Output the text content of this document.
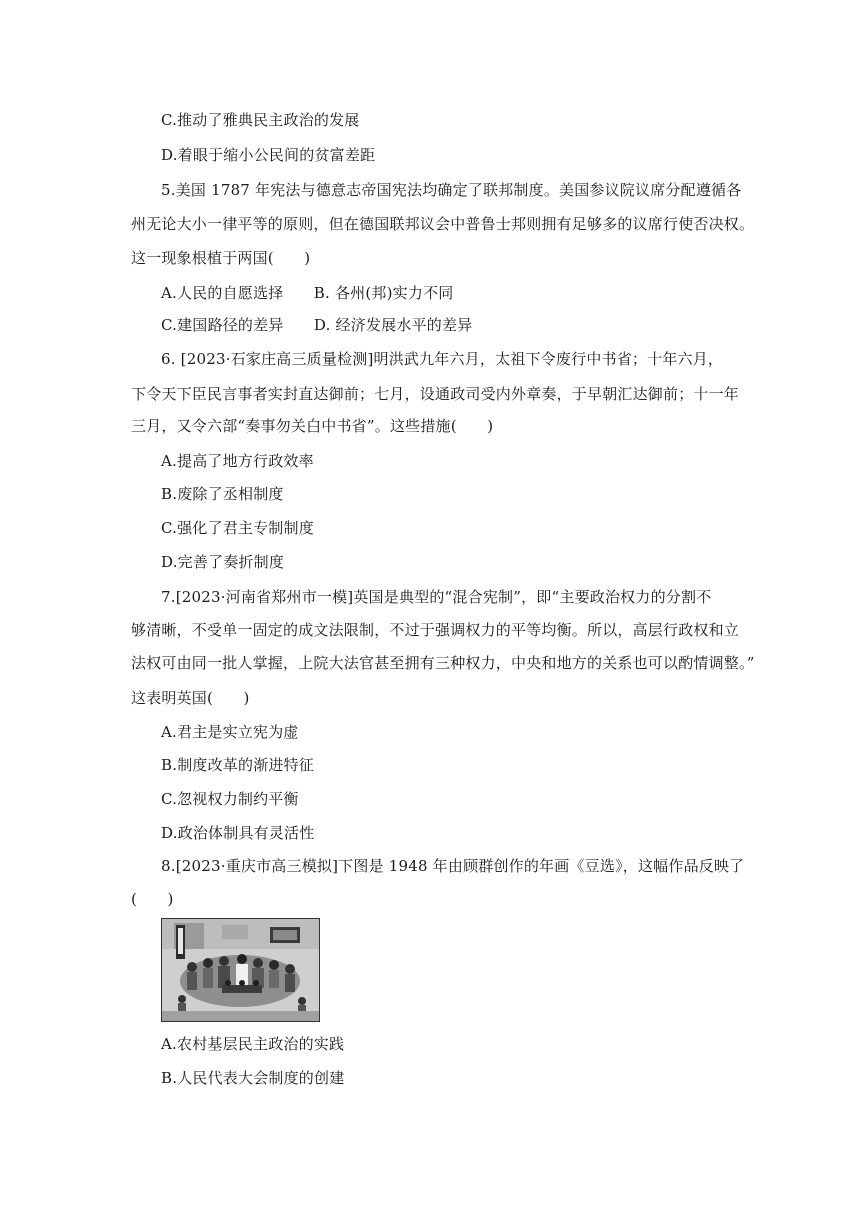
C.推动了雅典民主政治的发展
D.着眼于缩小公民间的贫富差距
5.美国 1787 年宪法与德意志帝国宪法均确定了联邦制度。美国参议院议席分配遵循各
州无论大小一律平等的原则，但在德国联邦议会中普鲁士邦则拥有足够多的议席行使否决权。
这一现象根植于两国(　　)
A.人民的自愿选择　　B. 各州(邦)实力不同
C.建国路径的差异　　D. 经济发展水平的差异
6. [2023·石家庄高三质量检测]明洪武九年六月，太祖下令废行中书省；十年六月，
下令天下臣民言事者实封直达御前；七月，设通政司受内外章奏，于早朝汇达御前；十一年
三月，又令六部“奏事勿关白中书省”。这些措施(　　)
A.提高了地方行政效率
B.废除了丞相制度
C.强化了君主专制制度
D.完善了奏折制度
7.[2023·河南省郑州市一模]英国是典型的“混合宪制”，即“主要政治权力的分割不
够清晰，不受单一固定的成文法限制，不过于强调权力的平等均衡。所以，高层行政权和立
法权可由同一批人掌握，上院大法官甚至拥有三种权力，中央和地方的关系也可以酌情调整。”
这表明英国(　　)
A.君主是实立宪为虚
B.制度改革的渐进特征
C.忽视权力制约平衡
D.政治体制具有灵活性
8.[2023·重庆市高三模拟]下图是 1948 年由顾群创作的年画《豆选》，这幅作品反映了
(　　)
A.农村基层民主政治的实践
B.人民代表大会制度的创建
